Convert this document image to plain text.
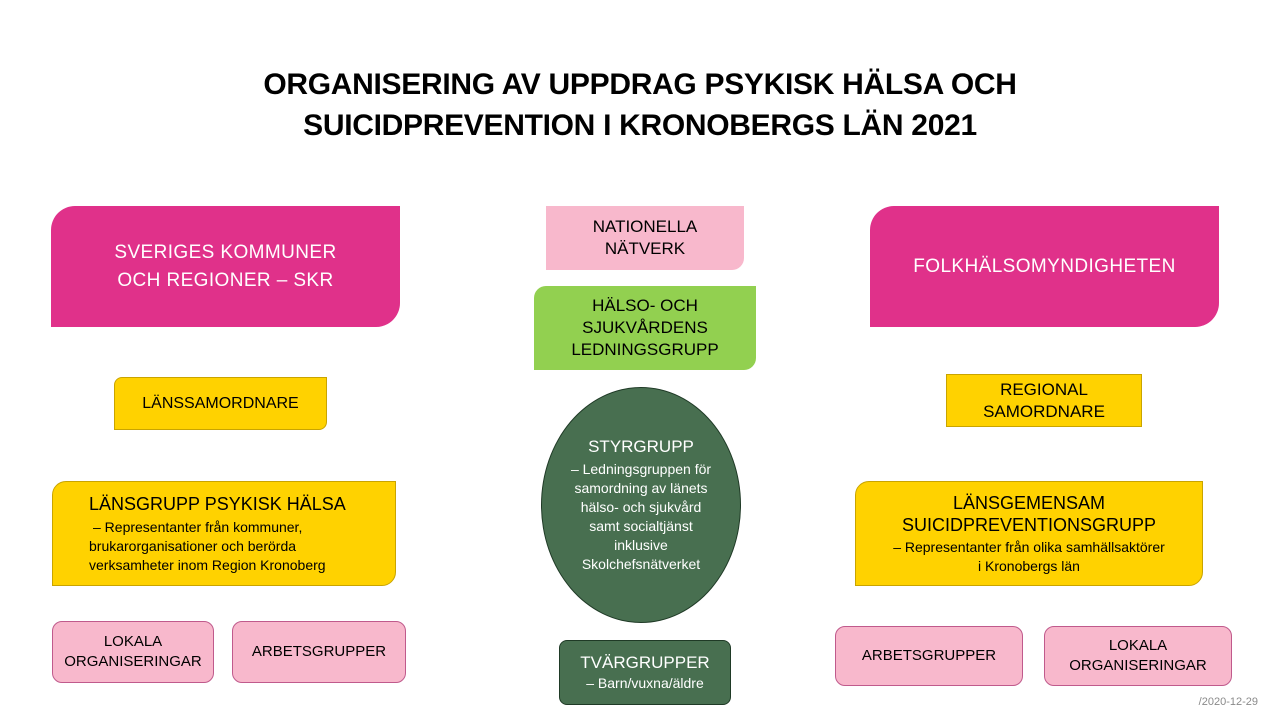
ORGANISERING AV UPPDRAG PSYKISK HÄLSA OCH
SUICIDPREVENTION I KRONOBERGS LÄN 2021
SVERIGES KOMMUNER
OCH REGIONER – SKR
FOLKHÄLSOMYNDIGHETEN
NATIONELLA
NÄTVERK
HÄLSO- OCH
SJUKVÅRDENS
LEDNINGSGRUPP
LÄNSSAMORDNARE
REGIONAL
SAMORDNARE
STYRGRUPP
– Ledningsgruppen för
samordning av länets
hälso- och sjukvård
samt socialtjänst
inklusive
Skolchefsnätverket
LÄNSGRUPP PSYKISK HÄLSA
– Representanter från kommuner,
brukarorganisationer och berörda
verksamheter inom Region Kronoberg
LÄNSGEMENSAM
SUICIDPREVENTIONSGRUPP
– Representanter från olika samhällsaktörer
i Kronobergs län
LOKALA
ORGANISERINGAR
ARBETSGRUPPER
TVÄRGRUPPER
– Barn/vuxna/äldre
ARBETSGRUPPER
LOKALA
ORGANISERINGAR
/2020-12-29
